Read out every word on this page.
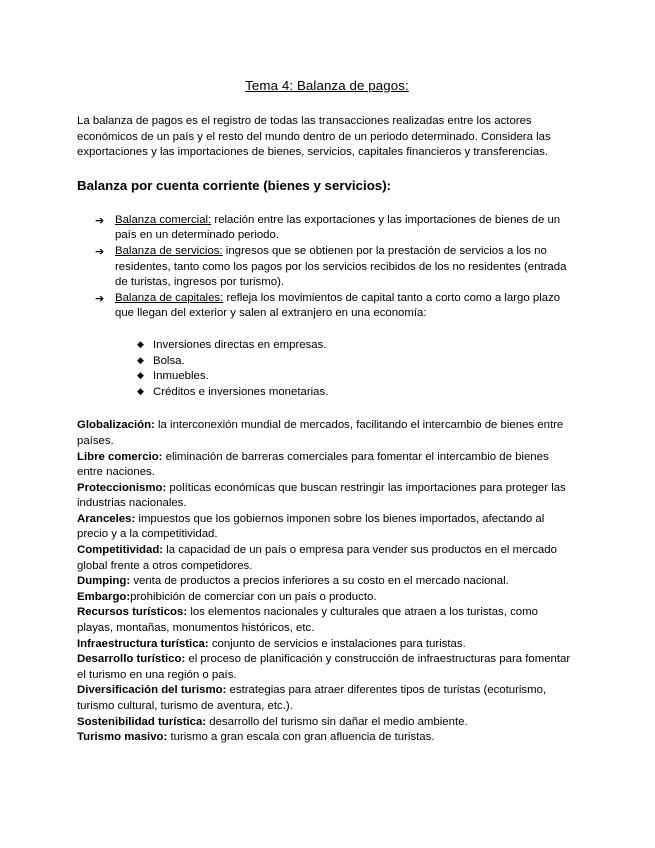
Tema 4: Balanza de pagos:

La balanza de pagos es el registro de todas las transacciones realizadas entre los actores económicos de un país y el resto del mundo dentro de un periodo determinado. Considera las exportaciones y las importaciones de bienes, servicios, capitales financieros y transferencias.

Balanza por cuenta corriente (bienes y servicios):
➔ Balanza comercial: relación entre las exportaciones y las importaciones de bienes de un país en un determinado periodo.
➔ Balanza de servicios: ingresos que se obtienen por la prestación de servicios a los no residentes, tanto como los pagos por los servicios recibidos de los no residentes (entrada de turistas, ingresos por turismo).
➔ Balanza de capitales: refleja los movimientos de capital tanto a corto como a largo plazo que llegan del exterior y salen al extranjero en una economía:
◆ Inversiones directas en empresas.
◆ Bolsa.
◆ Inmuebles.
◆ Créditos e inversiones monetarias.

Globalización: la interconexión mundial de mercados, facilitando el intercambio de bienes entre países.

Libre comercio: eliminación de barreras comerciales para fomentar el intercambio de bienes entre naciones.

Proteccionismo: políticas económicas que buscan restringir las importaciones para proteger las industrias nacionales.

Aranceles: impuestos que los gobiernos imponen sobre los bienes importados, afectando al precio y a la competitividad.

Competitividad: la capacidad de un país o empresa para vender sus productos en el mercado global frente a otros competidores.

Dumping: venta de productos a precios inferiores a su costo en el mercado nacional.

Embargo:prohibición de comerciar con un país o producto.

Recursos turísticos: los elementos nacionales y culturales que atraen a los turistas, como playas, montañas, monumentos históricos, etc.

Infraestructura turística: conjunto de servicios e instalaciones para turistas.

Desarrollo turístico: el proceso de planificación y construcción de infraestructuras para fomentar el turismo en una región o país.

Diversificación del turismo: estrategias para atraer diferentes tipos de turistas (ecoturismo, turismo cultural, turismo de aventura, etc.).

Sostenibilidad turística: desarrollo del turismo sin dañar el medio ambiente.

Turismo masivo: turismo a gran escala con gran afluencia de turistas.
